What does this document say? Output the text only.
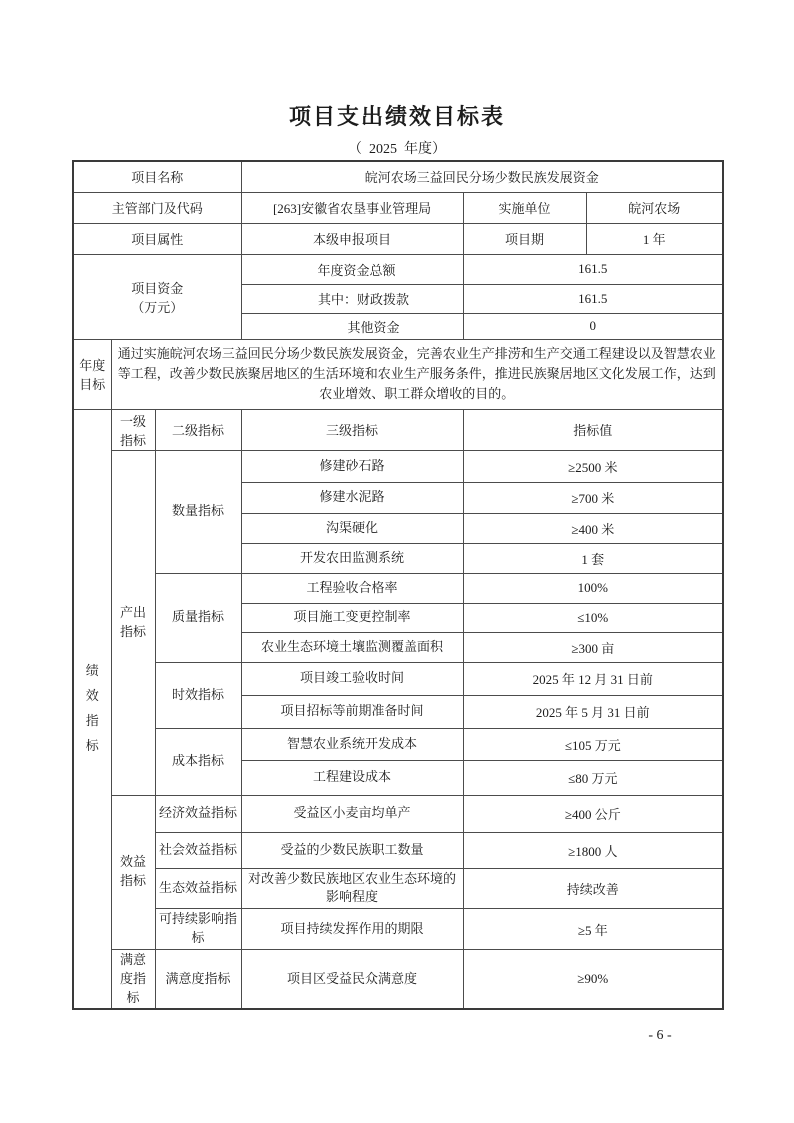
项目支出绩效目标表
（  2025  年度）
项目名称			皖河农场三益回民分场少数民族发展资金		
主管部门及代码			[263]安徽省农垦事业管理局	实施单位	皖河农场
项目属性			本级申报项目	项目期	1 年

项目资金
（万元）			年度资金总额	161.5	
			其中：财政拨款	161.5	
			其他资金	0	
年度目标	通过实施皖河农场三益回民分场少数民族发展资金，完善农业生产排涝和生产交通工程建设以及智慧农业等工程，改善少数民族聚居地区的生活环境和农业生产服务条件，推进民族聚居地区文化发展工作，达到农业增效、职工群众增收的目的。				

绩效指标	一级指标	二级指标	三级指标	指标值	
	产出指标	数量指标	修建砂石路	≥2500 米	
			修建水泥路	≥700 米	
			沟渠硬化	≥400 米	
			开发农田监测系统	1 套	
		质量指标	工程验收合格率	100%	
			项目施工变更控制率	≤10%	
			农业生态环境土壤监测覆盖面积	≥300 亩	
		时效指标	项目竣工验收时间	2025 年 12 月 31 日前	
			项目招标等前期准备时间	2025 年 5 月 31 日前	
		成本指标	智慧农业系统开发成本	≤105 万元	
			工程建设成本	≤80 万元	
	效益指标	经济效益指标	受益区小麦亩均单产	≥400 公斤	
		社会效益指标	受益的少数民族职工数量	≥1800 人	
		生态效益指标	对改善少数民族地区农业生态环境的影响程度	持续改善	
		可持续影响指标	项目持续发挥作用的期限	≥5 年	
	满意度指标	满意度指标	项目区受益民众满意度	≥90%	
- 6 -
